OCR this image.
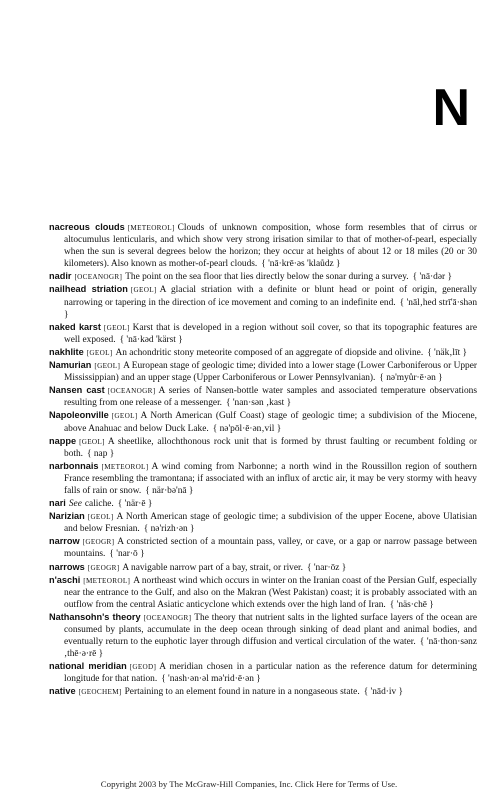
N
nacreous clouds [METEOROL] Clouds of unknown composition, whose form resembles that of cirrus or altocumulus lenticularis, and which show very strong irisation similar to that of mother-of-pearl, especially when the sun is several degrees below the horizon; they occur at heights of about 12 or 18 miles (20 or 30 kilometers). Also known as mother-of-pearl clouds. { 'nā·krē·əs 'klaůdz }
nadir [OCEANOGR] The point on the sea floor that lies directly below the sonar during a survey. { 'nā·dər }
nailhead striation [GEOL] A glacial striation with a definite or blunt head or point of origin, generally narrowing or tapering in the direction of ice movement and coming to an indefinite end. { 'nāl‚hed strī'ā·shən }
naked karst [GEOL] Karst that is developed in a region without soil cover, so that its topographic features are well exposed. { 'nā·kəd 'kärst }
nakhlite [GEOL] An achondritic stony meteorite composed of an aggregate of diopside and olivine. { 'näk‚līt }
Namurian [GEOL] A European stage of geologic time; divided into a lower stage (Lower Carboniferous or Upper Mississippian) and an upper stage (Upper Carboniferous or Lower Pennsylvanian). { nə'myůr·ē·ən }
Nansen cast [OCEANOGR] A series of Nansen-bottle water samples and associated temperature observations resulting from one release of a messenger. { 'nan·sən ‚kast }
Napoleonville [GEOL] A North American (Gulf Coast) stage of geologic time; a subdivision of the Miocene, above Anahuac and below Duck Lake. { nə'pōl·ē·ən‚vil }
nappe [GEOL] A sheetlike, allochthonous rock unit that is formed by thrust faulting or recumbent folding or both. { nap }
narbonnais [METEOROL] A wind coming from Narbonne; a north wind in the Roussillon region of southern France resembling the tramontana; if associated with an influx of arctic air, it may be very stormy with heavy falls of rain or snow. { när·bə'nā }
nari See caliche. { 'när·ē }
Narizian [GEOL] A North American stage of geologic time; a subdivision of the upper Eocene, above Ulatisian and below Fresnian. { nə'rizh·ən }
narrow [GEOGR] A constricted section of a mountain pass, valley, or cave, or a gap or narrow passage between mountains. { 'nar·ō }
narrows [GEOGR] A navigable narrow part of a bay, strait, or river. { 'nar·ōz }
n'aschi [METEOROL] A northeast wind which occurs in winter on the Iranian coast of the Persian Gulf, especially near the entrance to the Gulf, and also on the Makran (West Pakistan) coast; it is probably associated with an outflow from the central Asiatic anticyclone which extends over the high land of Iran. { 'näs·chē }
Nathansohn's theory [OCEANOGR] The theory that nutrient salts in the lighted surface layers of the ocean are consumed by plants, accumulate in the deep ocean through sinking of dead plant and animal bodies, and eventually return to the euphotic layer through diffusion and vertical circulation of the water. { 'nā·thon·sənz ‚thē·ə·rē }
national meridian [GEOD] A meridian chosen in a particular nation as the reference datum for determining longitude for that nation. { 'nash·ən·əl mə'rid·ē·ən }
native [GEOCHEM] Pertaining to an element found in nature in a nongaseous state. { 'nād·iv }
Copyright 2003 by The McGraw-Hill Companies, Inc. Click Here for Terms of Use.
